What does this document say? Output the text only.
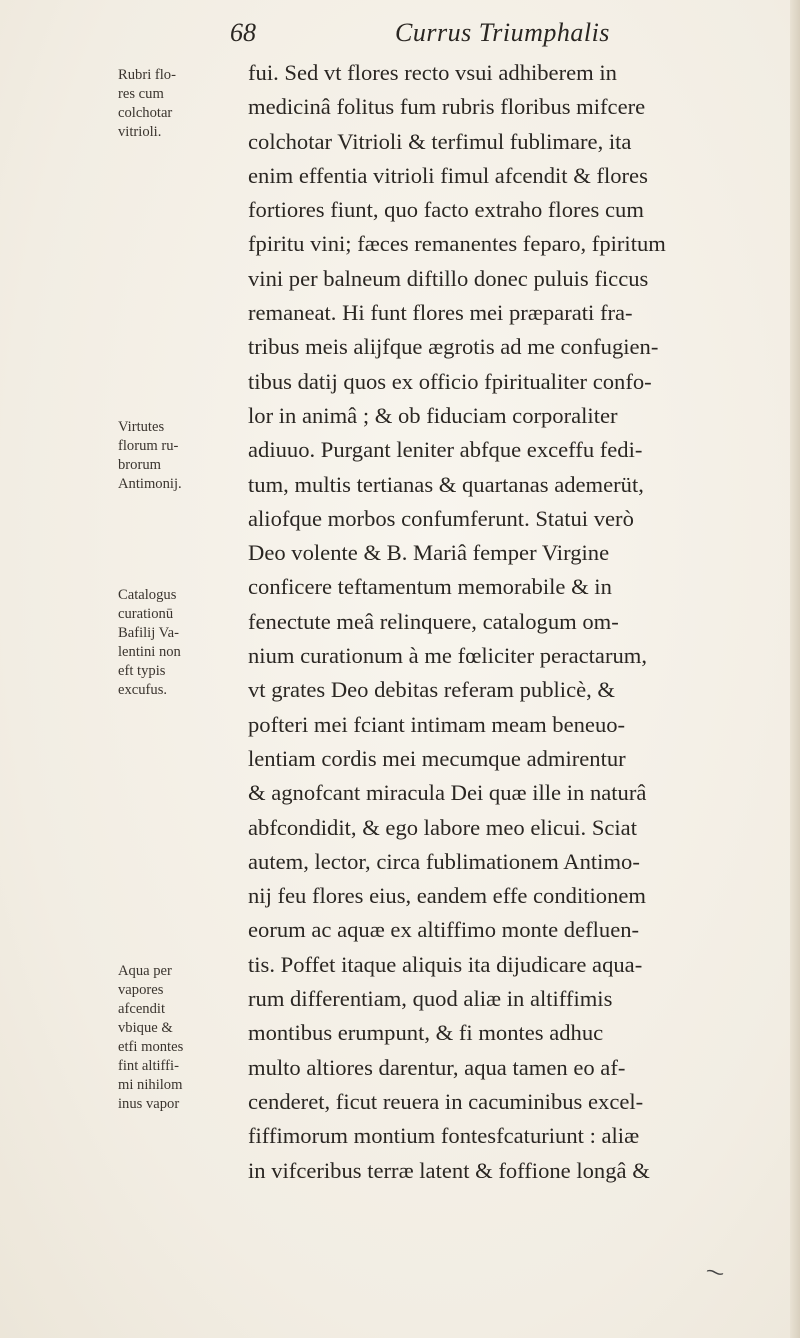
68	Currus Triumphalis
fui. Sed vt flores recto vsui adhiberem in
medicinâ folitus fum rubris floribus mifcere
colchotar Vitrioli & terfimul fublimare, ita
enim effentia vitrioli fimul afcendit & flores
fortiores fiunt, quo facto extraho flores cum
fpiritu vini; fæces remanentes feparo, fpiritum
vini per balneum diftillo donec puluis ficcus
remaneat. Hi funt flores mei præparati fra-
tribus meis alijfque ægrotis ad me confugien-
tibus datij quos ex officio fpiritualiter confo-
lor in animâ ; & ob fiduciam corporaliter
adiuuo. Purgant leniter abfque exceffu fedi-
tum, multis tertianas & quartanas ademerüt,
aliofque morbos confumferunt. Statui verò
Deo volente & B. Mariâ femper Virgine
conficere teftamentum memorabile & in
fenectute meâ relinquere, catalogum om-
nium curationum à me fœliciter peractarum,
vt grates Deo debitas referam publicè, &
pofteri mei fciant intimam meam beneuo-
lentiam cordis mei mecumque admirentur
& agnofcant miracula Dei quæ ille in naturâ
abfcondidit, & ego labore meo elicui. Sciat
autem, lector, circa fublimationem Antimo-
nij feu flores eius, eandem effe conditionem
eorum ac aquæ ex altiffimo monte defluen-
tis. Poffet itaque aliquis ita dijudicare aqua-
rum differentiam, quod aliæ in altiffimis
montibus erumpunt, & fi montes adhuc
multo altiores darentur, aqua tamen eo af-
cenderet, ficut reuera in cacuminibus excel-
fiffimorum montium fontesfcaturiunt : aliæ
in vifceribus terræ latent & foffione longâ &
Rubri flo-
res cum
colchotar
vitrioli.
Virtutes
florum ru-
brorum
Antimonij.
Catalogus
curationū
Bafilij Va-
lentini non
eft typis
excufus.
Aqua per
vapores
afcendit
vbique &
etfi montes
fint altiffi-
mi nihilom
inus vapor
⁓
